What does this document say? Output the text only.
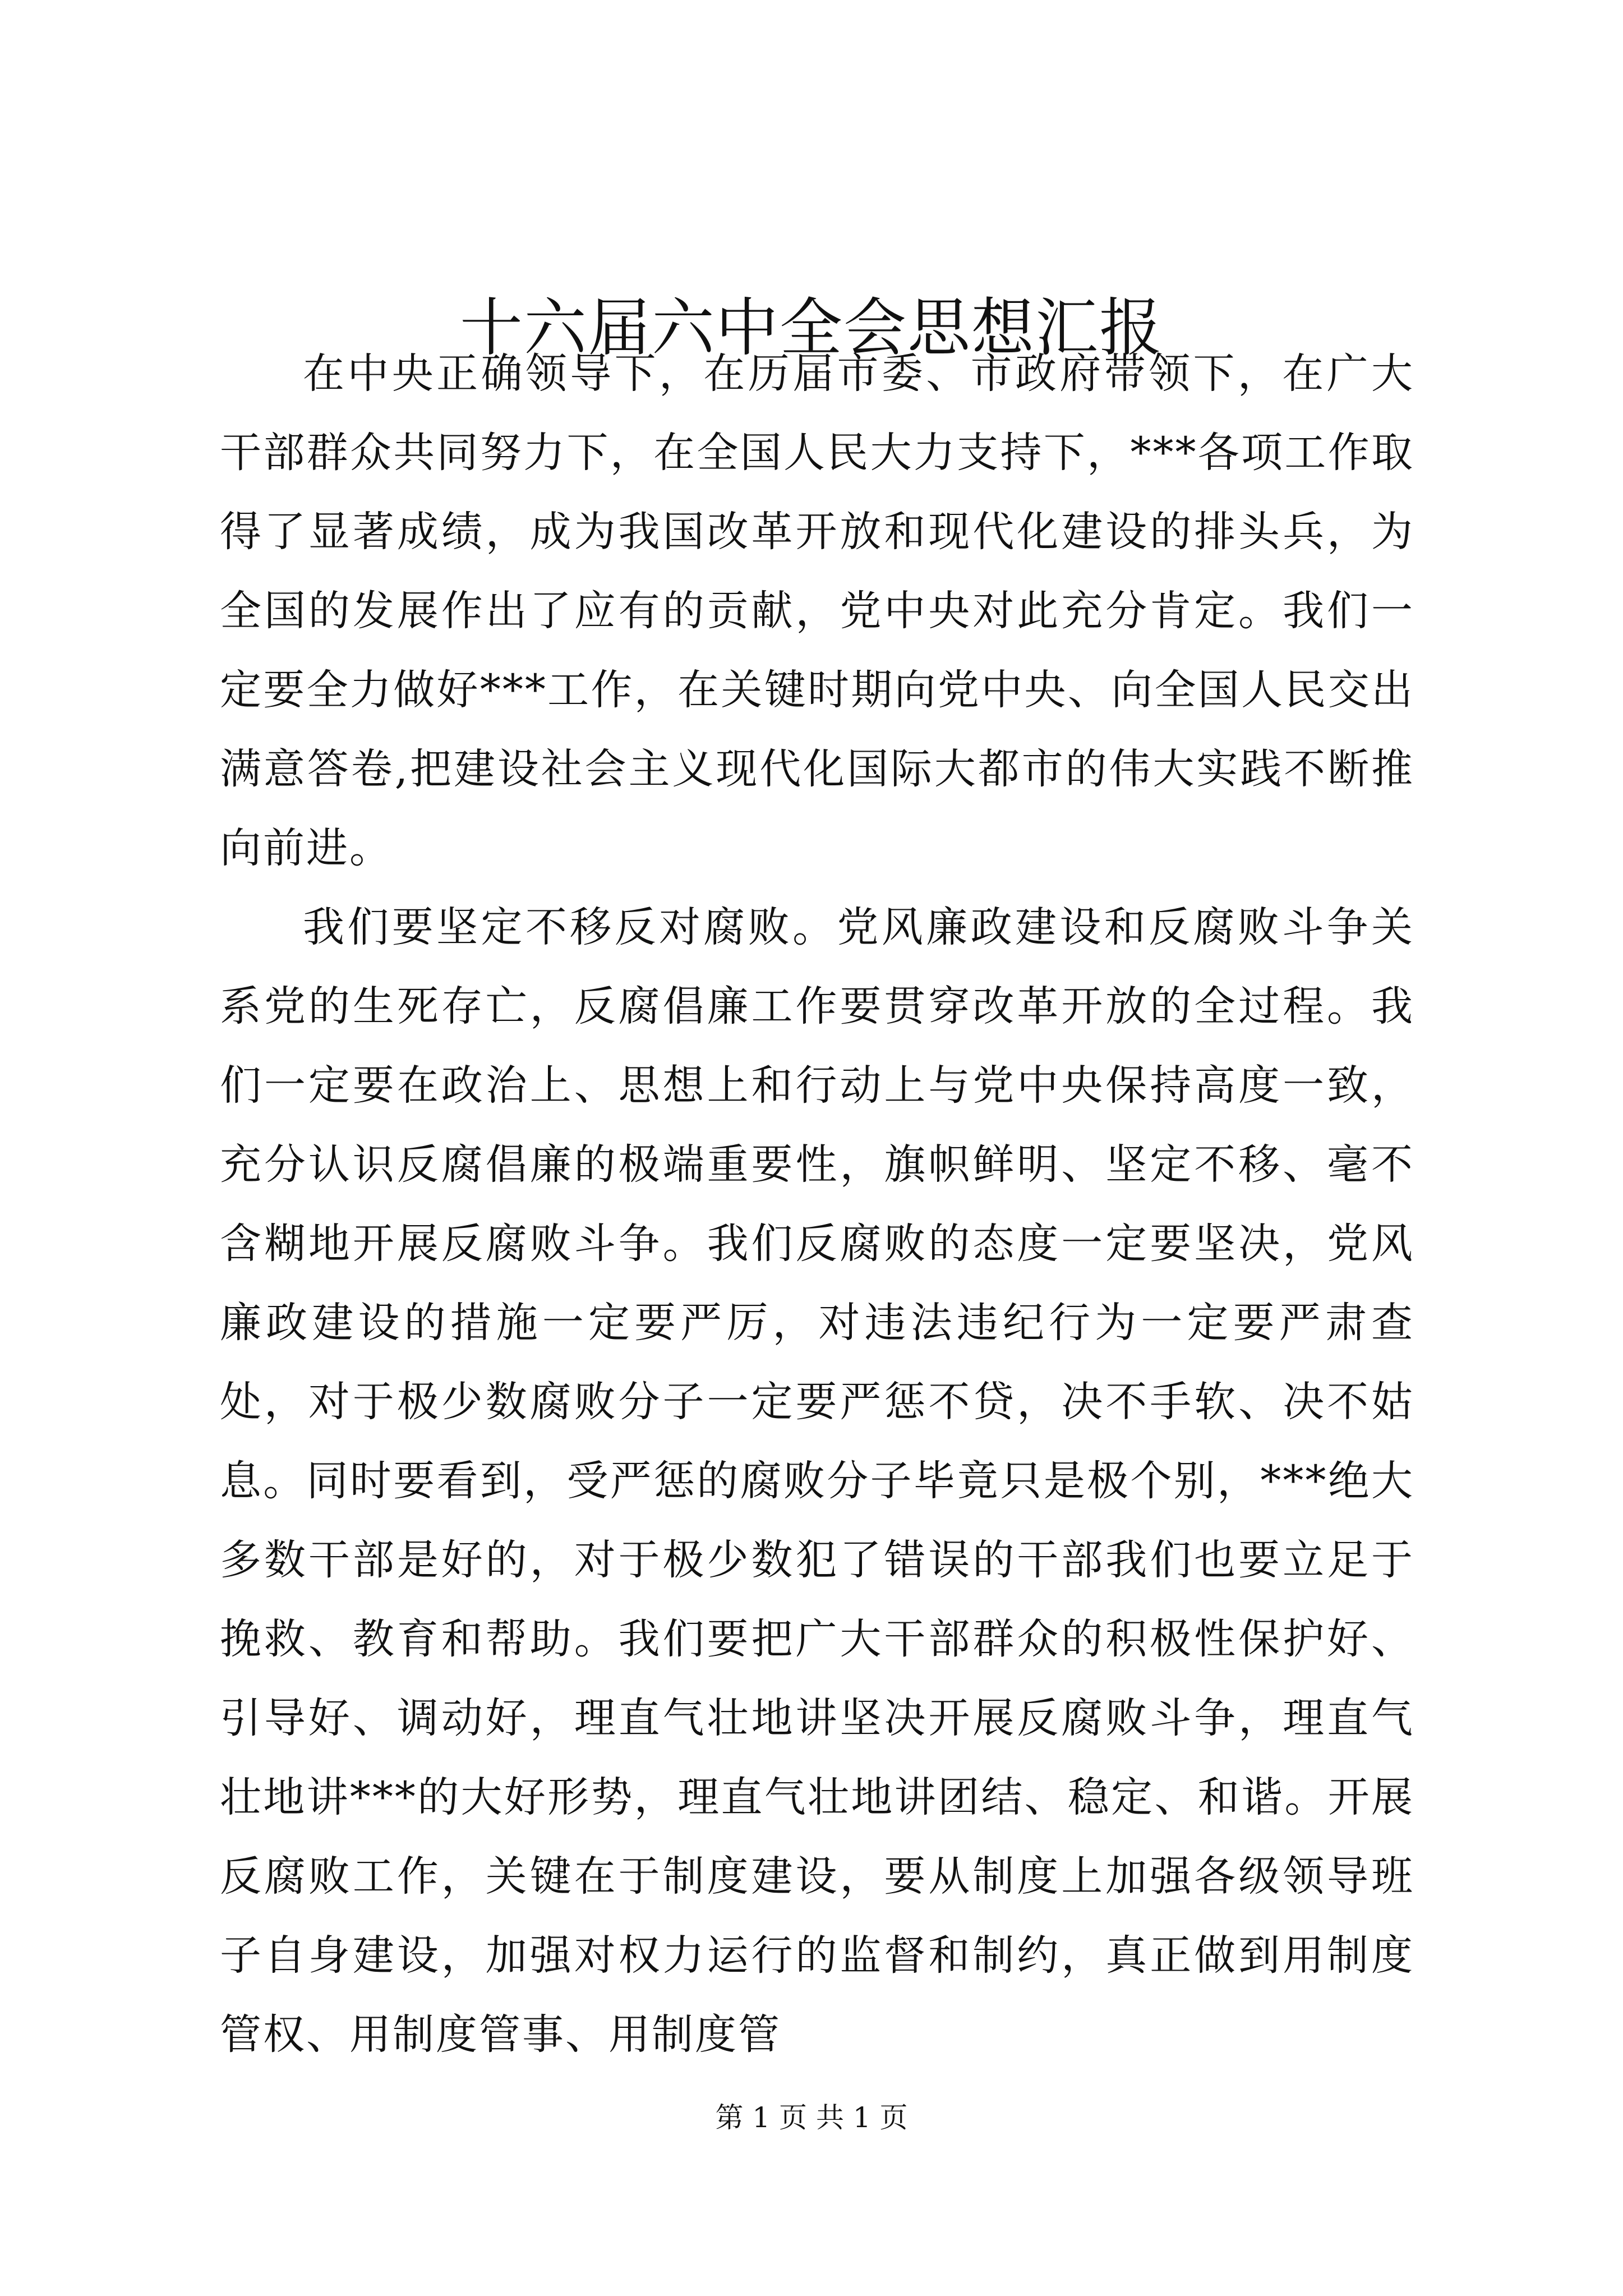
十六届六中全会思想汇报

在中央正确领导下，在历届市委、市政府带领下，在广大干部群众共同努力下，在全国人民大力支持下，***各项工作取得了显著成绩，成为我国改革开放和现代化建设的排头兵，为全国的发展作出了应有的贡献，党中央对此充分肯定。我们一定要全力做好***工作，在关键时期向党中央、向全国人民交出满意答卷,把建设社会主义现代化国际大都市的伟大实践不断推向前进。

我们要坚定不移反对腐败。党风廉政建设和反腐败斗争关系党的生死存亡，反腐倡廉工作要贯穿改革开放的全过程。我们一定要在政治上、思想上和行动上与党中央保持高度一致，充分认识反腐倡廉的极端重要性，旗帜鲜明、坚定不移、毫不含糊地开展反腐败斗争。我们反腐败的态度一定要坚决，党风廉政建设的措施一定要严厉，对违法违纪行为一定要严肃查处，对于极少数腐败分子一定要严惩不贷，决不手软、决不姑息。同时要看到，受严惩的腐败分子毕竟只是极个别，***绝大多数干部是好的，对于极少数犯了错误的干部我们也要立足于挽救、教育和帮助。我们要把广大干部群众的积极性保护好、引导好、调动好，理直气壮地讲坚决开展反腐败斗争，理直气壮地讲***的大好形势，理直气壮地讲团结、稳定、和谐。开展反腐败工作，关键在于制度建设，要从制度上加强各级领导班子自身建设，加强对权力运行的监督和制约，真正做到用制度管权、用制度管事、用制度管

第 1 页 共 1 页
